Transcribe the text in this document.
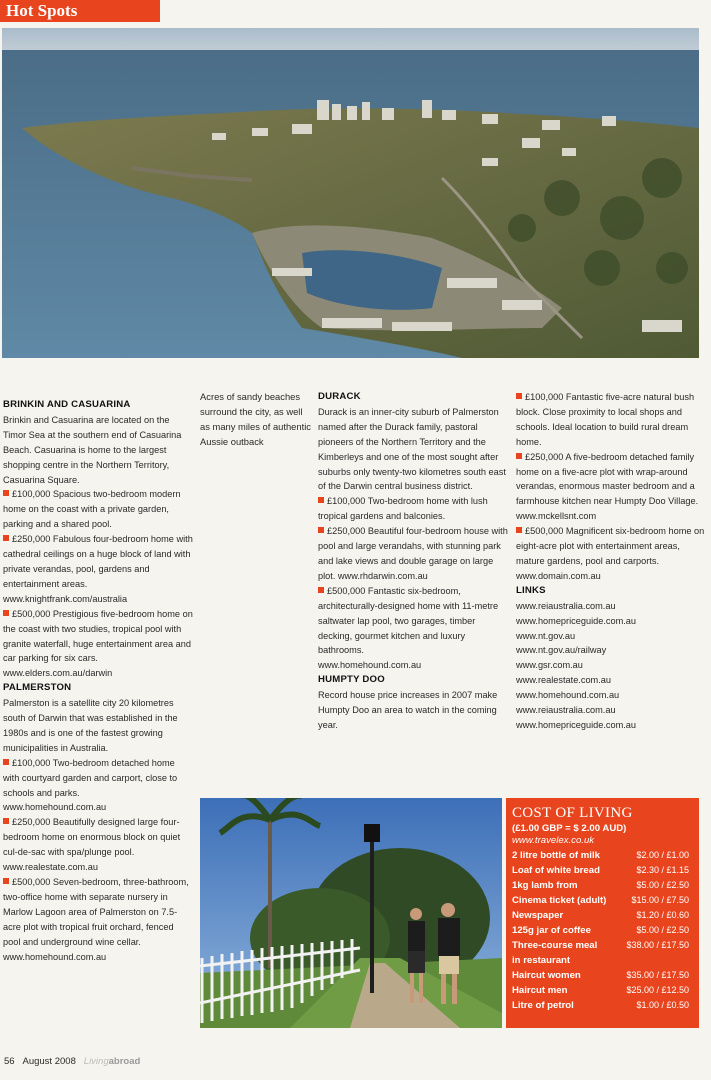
Hot Spots

BRINKIN AND CASUARINA

Brinkin and Casuarina are located on the Timor Sea at the southern end of Casuarina Beach. Casuarina is home to the largest shopping centre in the Northern Territory, Casuarina Square.

£100,000 Spacious two-bedroom modern home on the coast with a private garden, parking and a shared pool.

£250,000 Fabulous four-bedroom home with cathedral ceilings on a huge block of land with private verandas, pool, gardens and entertainment areas.

www.knightfrank.com/australia

£500,000 Prestigious five-bedroom home on the coast with two studies, tropical pool with granite waterfall, huge entertainment area and car parking for six cars.

www.elders.com.au/darwin

PALMERSTON

Palmerston is a satellite city 20 kilometres south of Darwin that was established in the 1980s and is one of the fastest growing municipalities in Australia.

£100,000 Two-bedroom detached home with courtyard garden and carport, close to schools and parks.

www.homehound.com.au

£250,000 Beautifully designed large four-bedroom home on enormous block on quiet cul-de-sac with spa/plunge pool.

www.realestate.com.au

£500,000 Seven-bedroom, three-bathroom, two-office home with separate nursery in Marlow Lagoon area of Palmerston on 7.5-acre plot with tropical fruit orchard, fenced pool and underground wine cellar.

www.homehound.com.au

Acres of sandy beaches surround the city, as well as many miles of authentic Aussie outback

DURACK

Durack is an inner-city suburb of Palmerston named after the Durack family, pastoral pioneers of the Northern Territory and the Kimberleys and one of the most sought after suburbs only twenty-two kilometres south east of the Darwin central business district.

£100,000 Two-bedroom home with lush tropical gardens and balconies.

£250,000 Beautiful four-bedroom house with pool and large verandahs, with stunning park and lake views and double garage on large plot. www.rhdarwin.com.au

£500,000 Fantastic six-bedroom, architecturally-designed home with 11-metre saltwater lap pool, two garages, timber decking, gourmet kitchen and luxury bathrooms.

www.homehound.com.au

HUMPTY DOO

Record house price increases in 2007 make Humpty Doo an area to watch in the coming year.

£100,000 Fantastic five-acre natural bush block. Close proximity to local shops and schools. Ideal location to build rural dream home.

£250,000 A five-bedroom detached family home on a five-acre plot with wrap-around verandas, enormous master bedroom and a farmhouse kitchen near Humpty Doo Village.

www.mckellsnt.com

£500,000 Magnificent six-bedroom home on eight-acre plot with entertainment areas, mature gardens, pool and carports.

www.domain.com.au

LINKS

www.reiaustralia.com.au

www.homepriceguide.com.au

www.nt.gov.au

www.nt.gov.au/railway

www.gsr.com.au

www.realestate.com.au

www.homehound.com.au

www.reiaustralia.com.au

www.homepriceguide.com.au

COST OF LIVING
(£1.00 GBP = $ 2.00 AUD)
www.travelex.co.uk
2 litre bottle of milk	$2.00 / £1.00
Loaf of white bread	$2.30 / £1.15
1kg lamb from	$5.00 / £2.50
Cinema ticket (adult)	$15.00 / £7.50
Newspaper	$1.20 / £0.60
125g jar of coffee	$5.00 / £2.50
Three-course meal	$38.00 / £17.50
in restaurant
Haircut women	$35.00 / £17.50
Haircut men	$25.00 / £12.50
Litre of petrol	$1.00 / £0.50
56 August 2008 Livingabroad
